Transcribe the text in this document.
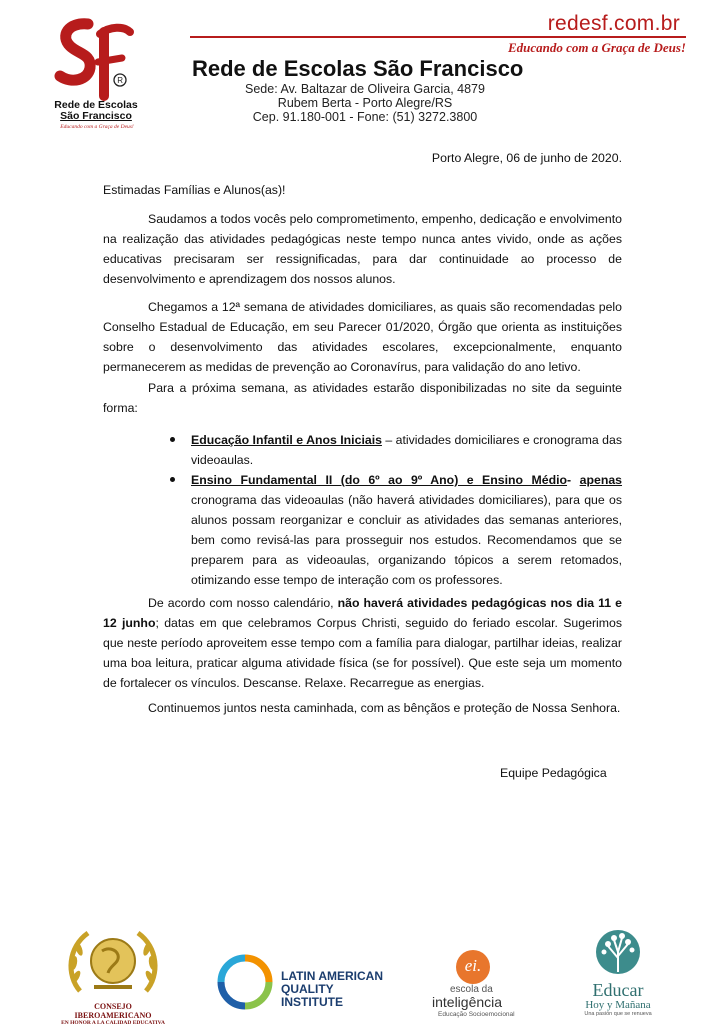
redesf.com.br
Educando com a Graça de Deus!
R
Rede de Escolas
São Francisco
Educando com a Graça de Deus!
Rede de Escolas São Francisco
Sede: Av. Baltazar de Oliveira Garcia, 4879
Rubem Berta - Porto Alegre/RS
Cep. 91.180-001 - Fone: (51) 3272.3800
Porto Alegre, 06 de junho de 2020.
Estimadas Famílias e Alunos(as)!
Saudamos a todos vocês pelo comprometimento, empenho, dedicação e envolvimento na realização das atividades pedagógicas neste tempo nunca antes vivido, onde as ações educativas precisaram ser ressignificadas, para dar continuidade ao processo de desenvolvimento e aprendizagem dos nossos alunos.
Chegamos a 12ª semana de atividades domiciliares, as quais são recomendadas pelo Conselho Estadual de Educação, em seu Parecer 01/2020, Órgão que orienta as instituições sobre o desenvolvimento das atividades escolares, excepcionalmente, enquanto permanecerem as medidas de prevenção ao Coronavírus, para validação do ano letivo.
Para a próxima semana, as atividades estarão disponibilizadas no site da seguinte forma:
Educação Infantil e Anos Iniciais – atividades domiciliares e cronograma das videoaulas.
Ensino Fundamental II (do 6º ao 9º Ano) e Ensino Médio- apenas cronograma das videoaulas (não haverá atividades domiciliares), para que os alunos possam reorganizar e concluir as atividades das semanas anteriores, bem como revisá-las para prosseguir nos estudos. Recomendamos que se preparem para as videoaulas, organizando tópicos a serem retomados, otimizando esse tempo de interação com os professores.
De acordo com nosso calendário, não haverá atividades pedagógicas nos dia 11 e 12 junho; datas em que celebramos Corpus Christi, seguido do feriado escolar. Sugerimos que neste período aproveitem esse tempo com a família para dialogar, partilhar ideias, realizar uma boa leitura, praticar alguma atividade física (se for possível). Que este seja um momento de fortalecer os vínculos. Descanse. Relaxe. Recarregue as energias.
Continuemos juntos nesta caminhada, com as bênçãos e proteção de Nossa Senhora.
Equipe Pedagógica
CONSEJO IBEROAMERICANO
EN HONOR A LA CALIDAD EDUCATIVA
LATIN AMERICAN
QUALITY INSTITUTE
ei.
escola da
inteligência
Educação Socioemocional
Educar
Hoy y Mañana
Una pasión que se renueva
